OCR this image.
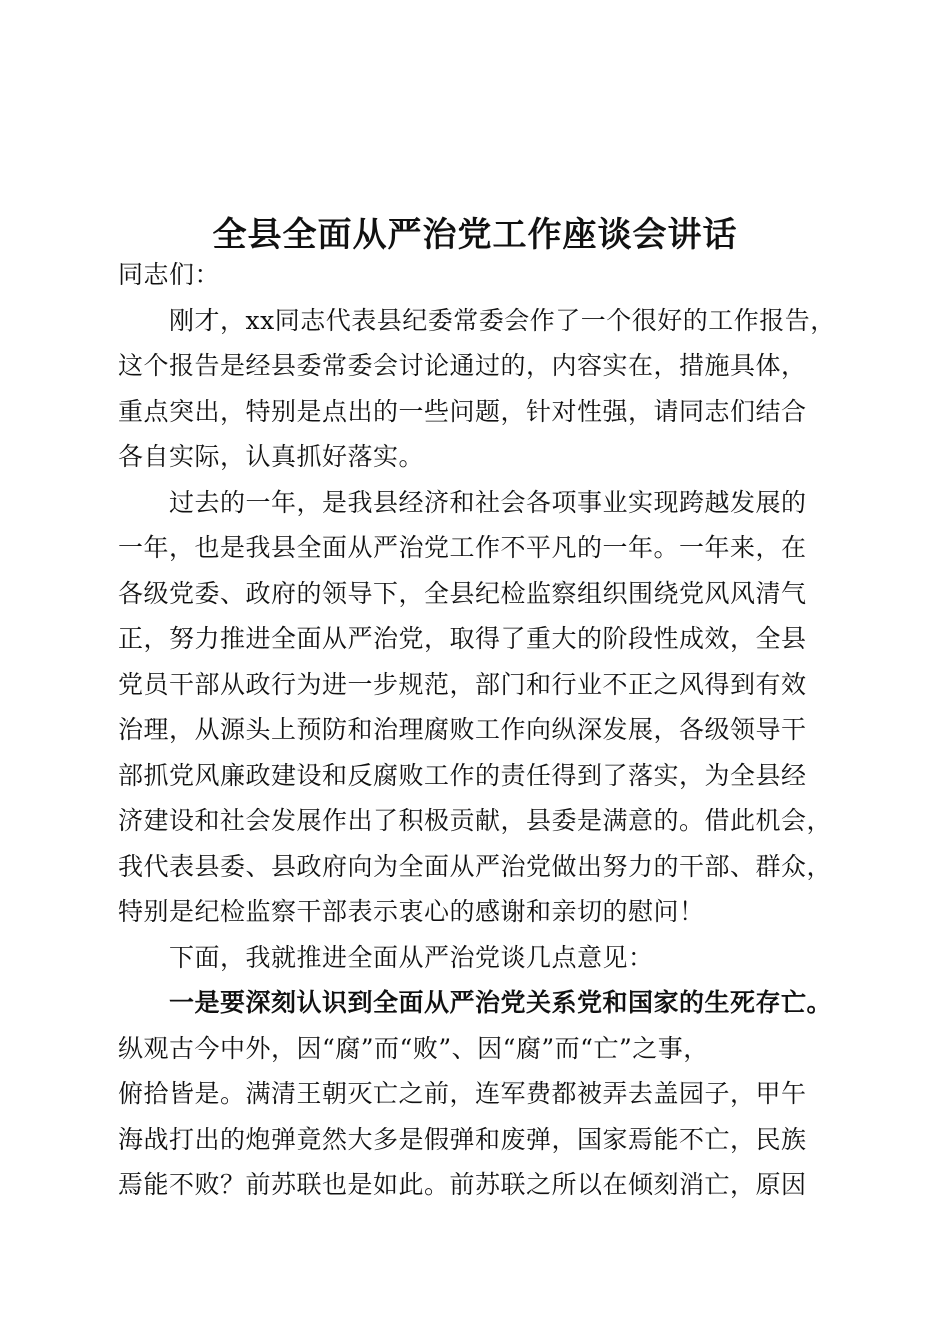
全县全面从严治党工作座谈会讲话
同志们：
刚才，xx同志代表县纪委常委会作了一个很好的工作报告，
这个报告是经县委常委会讨论通过的，内容实在，措施具体，
重点突出，特别是点出的一些问题，针对性强，请同志们结合
各自实际，认真抓好落实。
过去的一年，是我县经济和社会各项事业实现跨越发展的
一年，也是我县全面从严治党工作不平凡的一年。一年来，在
各级党委、政府的领导下，全县纪检监察组织围绕党风风清气
正，努力推进全面从严治党，取得了重大的阶段性成效，全县
党员干部从政行为进一步规范，部门和行业不正之风得到有效
治理，从源头上预防和治理腐败工作向纵深发展，各级领导干
部抓党风廉政建设和反腐败工作的责任得到了落实，为全县经
济建设和社会发展作出了积极贡献，县委是满意的。借此机会，
我代表县委、县政府向为全面从严治党做出努力的干部、群众，
特别是纪检监察干部表示衷心的感谢和亲切的慰问！
下面，我就推进全面从严治党谈几点意见：
一是要深刻认识到全面从严治党关系党和国家的生死存亡。
纵观古今中外，因“腐”而“败”、因“腐”而“亡”之事，
俯拾皆是。满清王朝灭亡之前，连军费都被弄去盖园子，甲午
海战打出的炮弹竟然大多是假弹和废弹，国家焉能不亡，民族
焉能不败？前苏联也是如此。前苏联之所以在倾刻消亡，原因
